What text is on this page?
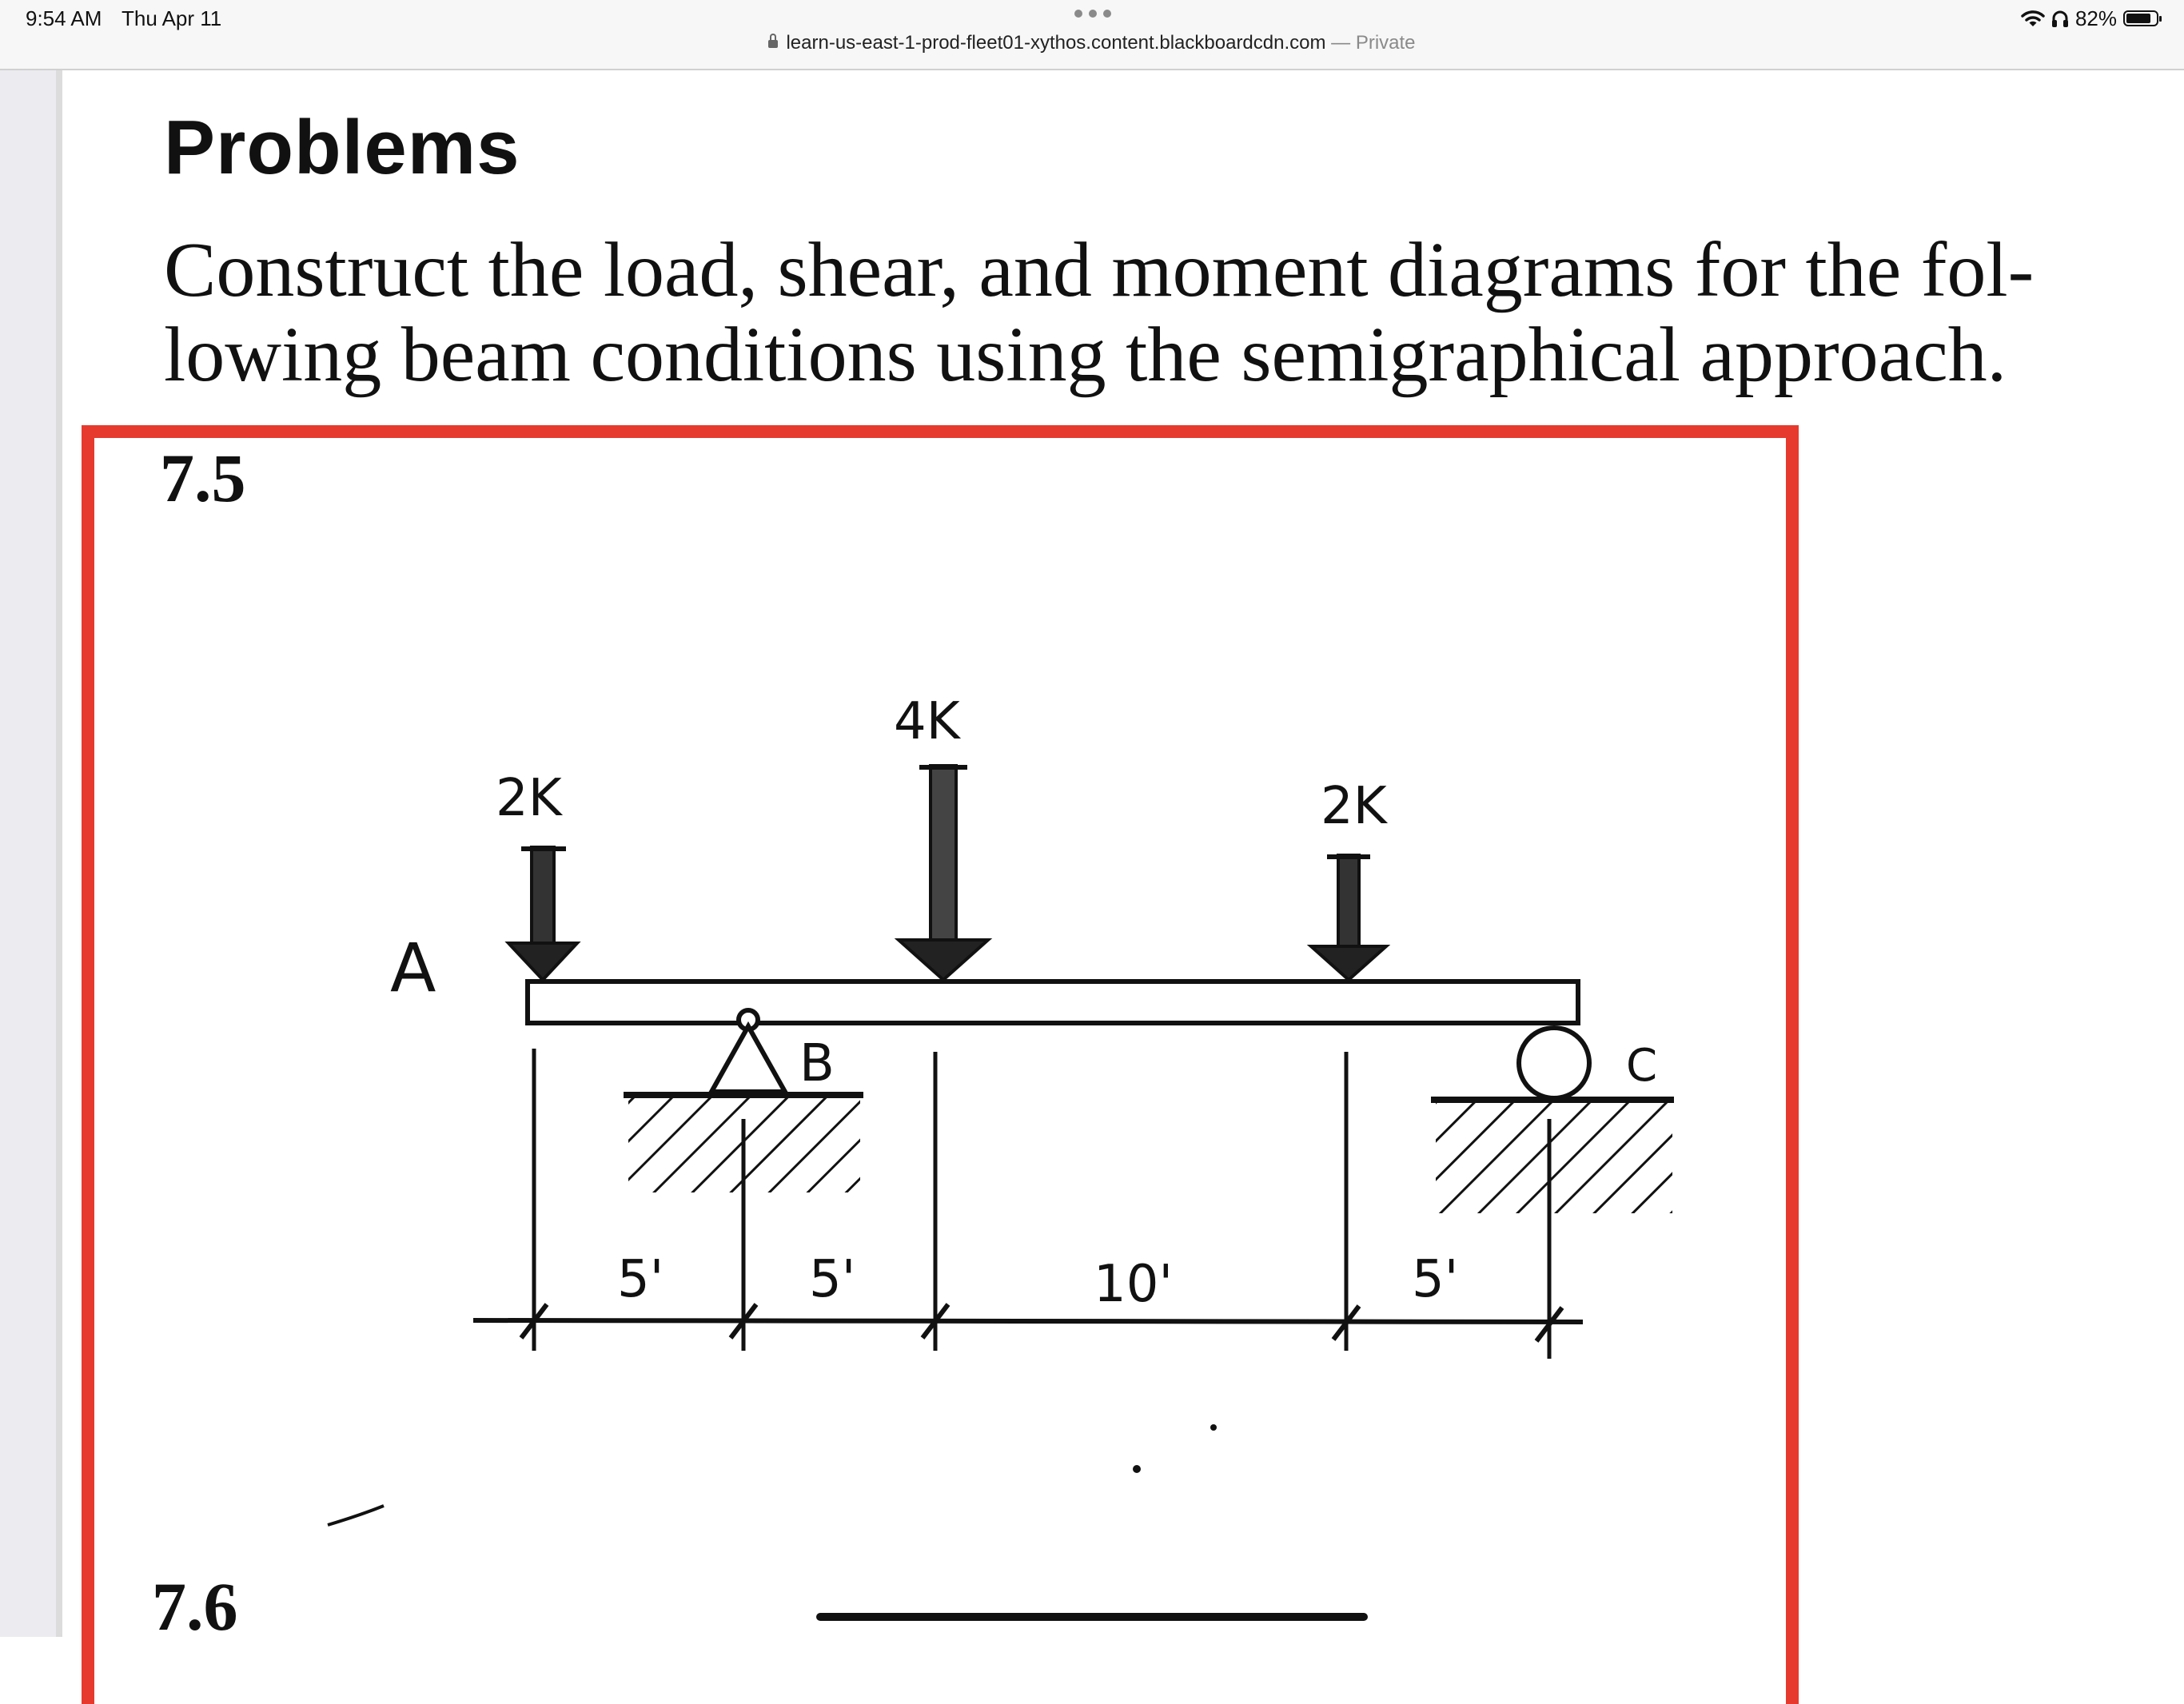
9:54 AM Thu Apr 11
learn-us-east-1-prod-fleet01-xythos.content.blackboardcdn.com — Private
82%
Problems
Construct the load, shear, and moment diagrams for the fol-
lowing beam conditions using the semigraphical approach.
7.5
7.6
2K
4K
2K
A
B	C
5'	5'	10'	5'
